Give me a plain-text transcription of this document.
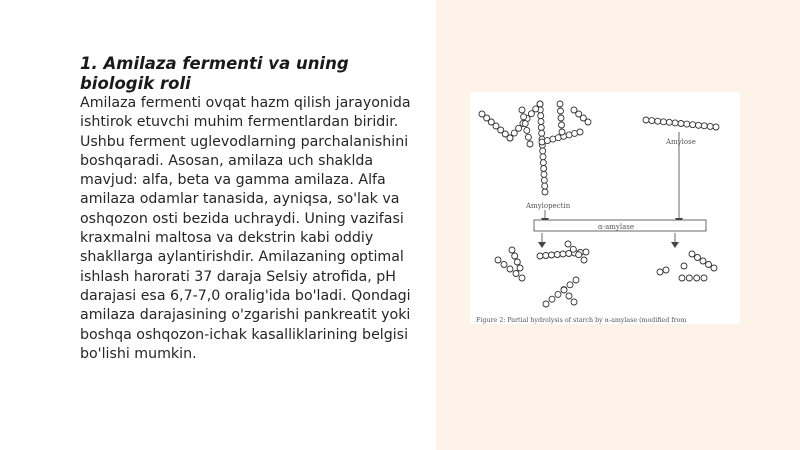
1. Amilaza fermenti va uning biologik roli

Amilaza fermenti ovqat hazm qilish jarayonida ishtirok etuvchi muhim fermentlardan biridir. Ushbu ferment uglevodlarning parchalanishini boshqaradi. Asosan, amilaza uch shaklda mavjud: alfa, beta va gamma amilaza. Alfa amilaza odamlar tanasida, ayniqsa, so'lak va oshqozon osti bezida uchraydi. Uning vazifasi kraxmalni maltosa va dekstrin kabi oddiy shakllarga aylantirishdir. Amilazaning optimal ishlash harorati 37 daraja Selsiy atrofida, pH darajasi esa 6,7-7,0 oralig'ida bo'ladi. Qondagi amilaza darajasining o'zgarishi pankreatit yoki boshqa oshqozon-ichak kasalliklarining belgisi bo'lishi mumkin.

Amylose
Amylopectin
α-amylase
Figure 2: Partial hydrolysis of starch by α-amylase (modified from
